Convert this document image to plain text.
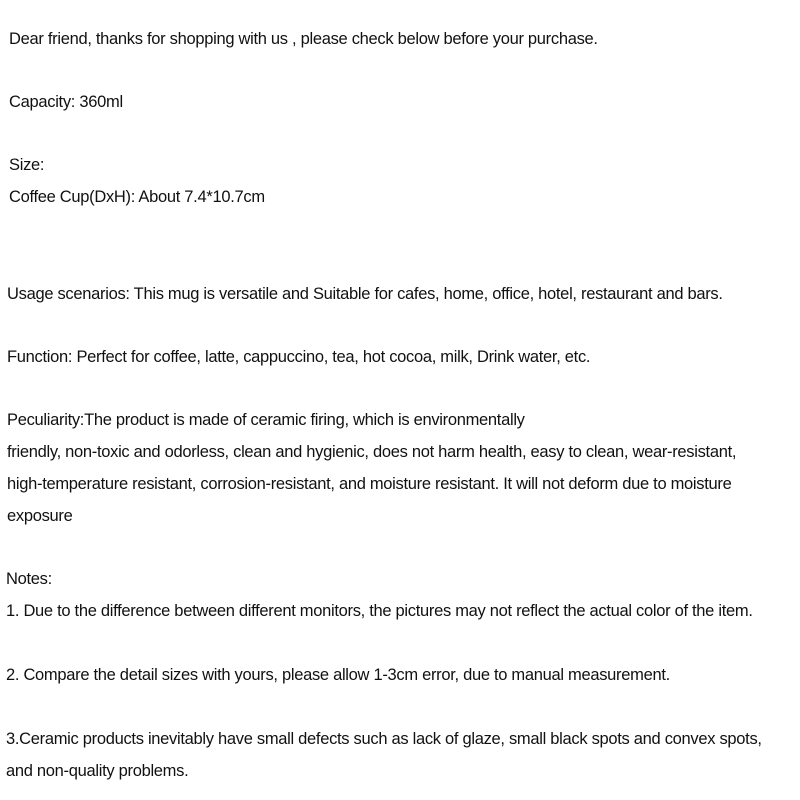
Dear friend, thanks for shopping with us , please check below before your purchase.

Capacity: 360ml

Size:

Coffee Cup(DxH): About 7.4*10.7cm

Usage scenarios: This mug is versatile and Suitable for cafes, home, office, hotel, restaurant and bars.

Function: Perfect for coffee, latte, cappuccino, tea, hot cocoa, milk, Drink water, etc.

Peculiarity:The product is made of ceramic firing, which is environmentally

friendly, non-toxic and odorless, clean and hygienic, does not harm health, easy to clean, wear-resistant,

high-temperature resistant, corrosion-resistant, and moisture resistant. It will not deform due to moisture

exposure

Notes:

1. Due to the difference between different monitors, the pictures may not reflect the actual color of the item.

2. Compare the detail sizes with yours, please allow 1-3cm error, due to manual measurement.

3.Ceramic products inevitably have small defects such as lack of glaze, small black spots and convex spots,

and non-quality problems.
